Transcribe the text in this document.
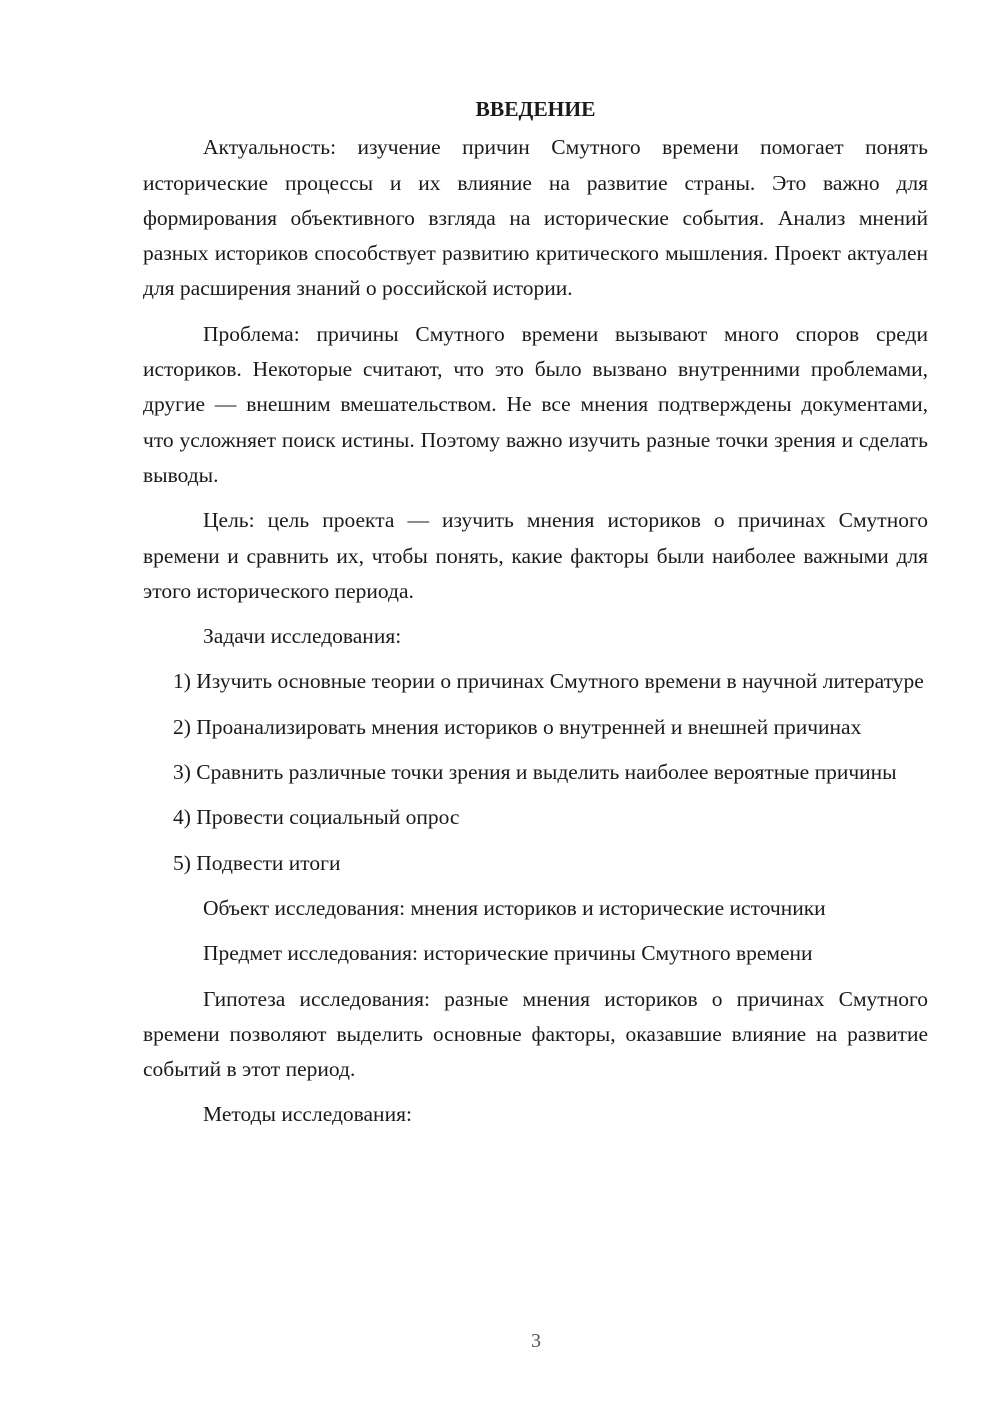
ВВЕДЕНИЕ

Актуальность: изучение причин Смутного времени помогает понять исторические процессы и их влияние на развитие страны. Это важно для формирования объективного взгляда на исторические события. Анализ мнений разных историков способствует развитию критического мышления. Проект актуален для расширения знаний о российской истории.

Проблема: причины Смутного времени вызывают много споров среди историков. Некоторые считают, что это было вызвано внутренними проблемами, другие — внешним вмешательством. Не все мнения подтверждены документами, что усложняет поиск истины. Поэтому важно изучить разные точки зрения и сделать выводы.

Цель: цель проекта — изучить мнения историков о причинах Смутного времени и сравнить их, чтобы понять, какие факторы были наиболее важными для этого исторического периода.

Задачи исследования:

1) Изучить основные теории о причинах Смутного времени в научной литературе

2) Проанализировать мнения историков о внутренней и внешней причинах

3) Сравнить различные точки зрения и выделить наиболее вероятные причины

4) Провести социальный опрос

5) Подвести итоги

Объект исследования: мнения историков и исторические источники

Предмет исследования: исторические причины Смутного времени

Гипотеза исследования: разные мнения историков о причинах Смутного времени позволяют выделить основные факторы, оказавшие влияние на развитие событий в этот период.

Методы исследования:

3
